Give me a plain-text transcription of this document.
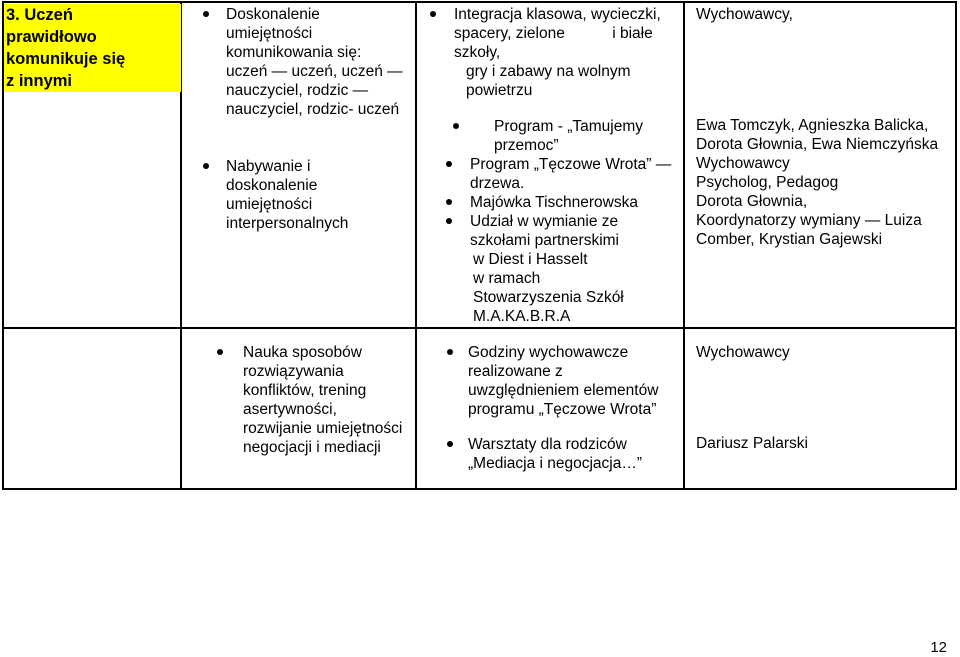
3. Uczeń
prawidłowo
komunikuje się
z innymi
Doskonalenie
umiejętności
komunikowania się:
uczeń — uczeń, uczeń —
nauczyciel, rodzic —
nauczyciel, rodzic- uczeń
Nabywanie i
doskonalenie
umiejętności
interpersonalnych
Integracja klasowa, wycieczki,
spacery, zielone           i białe
szkoły,
gry i zabawy na wolnym
powietrzu
Program - „Tamujemy
przemoc”
Program „Tęczowe Wrota” —
drzewa.
Majówka Tischnerowska
Udział w wymianie ze
szkołami partnerskimi
w Diest i Hasselt
w ramach
Stowarzyszenia Szkół
M.A.KA.B.R.A
Wychowawcy,
Ewa Tomczyk, Agnieszka Balicka,
Dorota Głownia, Ewa Niemczyńska
Wychowawcy
Psycholog, Pedagog
Dorota Głownia,
Koordynatorzy wymiany — Luiza
Comber, Krystian Gajewski
Nauka sposobów
rozwiązywania
konfliktów, trening
asertywności,
rozwijanie umiejętności
negocjacji i mediacji
Godziny wychowawcze
realizowane z
uwzględnieniem elementów
programu „Tęczowe Wrota”
Warsztaty dla rodziców
„Mediacja i negocjacja…”
Wychowawcy
Dariusz Palarski
12
